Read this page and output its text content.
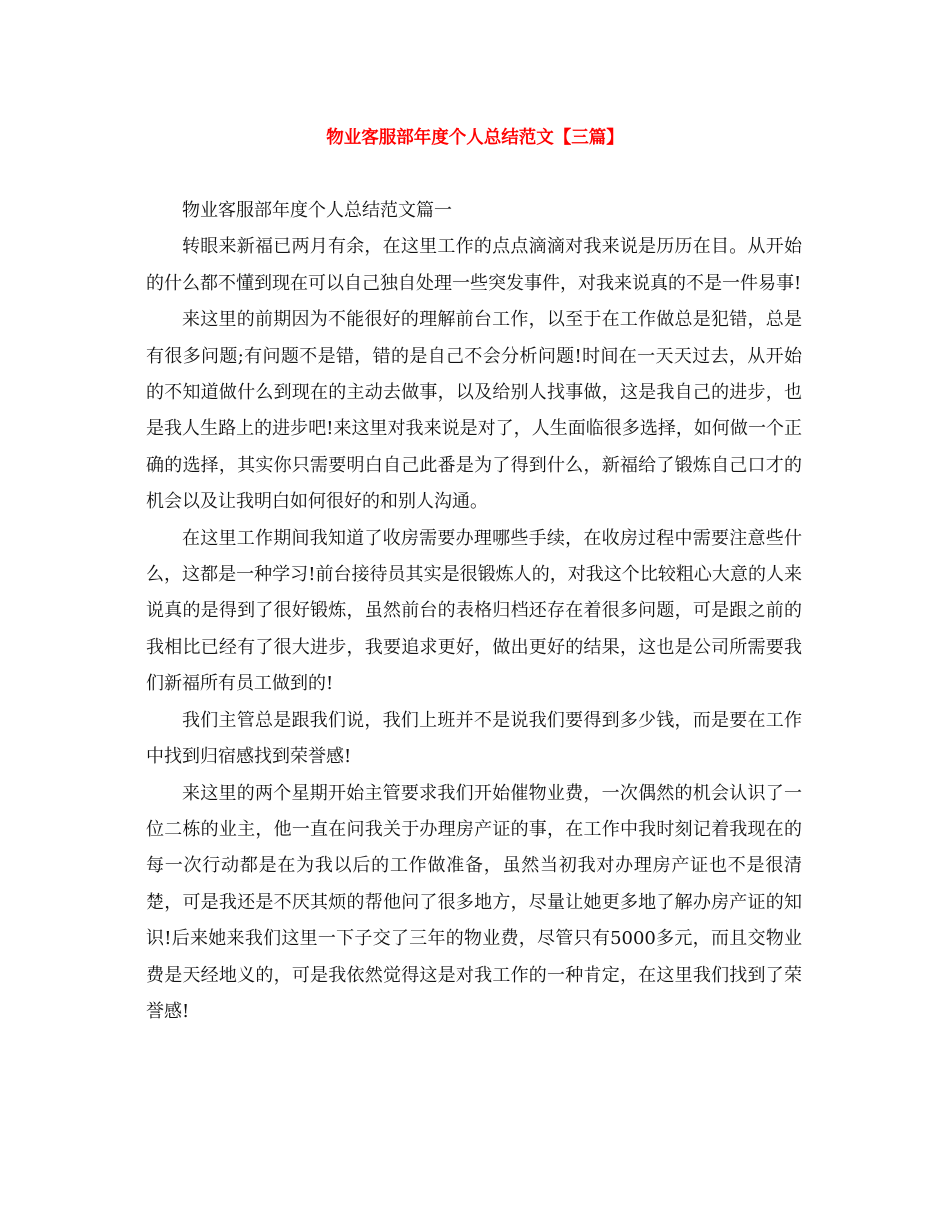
物业客服部年度个人总结范文【三篇】

物业客服部年度个人总结范文篇一

转眼来新福已两月有余，在这里工作的点点滴滴对我来说是历历在目。从开始的什么都不懂到现在可以自己独自处理一些突发事件，对我来说真的不是一件易事!

来这里的前期因为不能很好的理解前台工作，以至于在工作做总是犯错，总是有很多问题;有问题不是错，错的是自己不会分析问题!时间在一天天过去，从开始的不知道做什么到现在的主动去做事，以及给别人找事做，这是我自己的进步，也是我人生路上的进步吧!来这里对我来说是对了，人生面临很多选择，如何做一个正确的选择，其实你只需要明白自己此番是为了得到什么，新福给了锻炼自己口才的机会以及让我明白如何很好的和别人沟通。

在这里工作期间我知道了收房需要办理哪些手续，在收房过程中需要注意些什么，这都是一种学习!前台接待员其实是很锻炼人的，对我这个比较粗心大意的人来说真的是得到了很好锻炼，虽然前台的表格归档还存在着很多问题，可是跟之前的我相比已经有了很大进步，我要追求更好，做出更好的结果，这也是公司所需要我们新福所有员工做到的!

我们主管总是跟我们说，我们上班并不是说我们要得到多少钱，而是要在工作中找到归宿感找到荣誉感!

来这里的两个星期开始主管要求我们开始催物业费，一次偶然的机会认识了一位二栋的业主，他一直在问我关于办理房产证的事，在工作中我时刻记着我现在的每一次行动都是在为我以后的工作做准备，虽然当初我对办理房产证也不是很清楚，可是我还是不厌其烦的帮他问了很多地方，尽量让她更多地了解办房产证的知识!后来她来我们这里一下子交了三年的物业费，尽管只有5000多元，而且交物业费是天经地义的，可是我依然觉得这是对我工作的一种肯定，在这里我们找到了荣誉感!
